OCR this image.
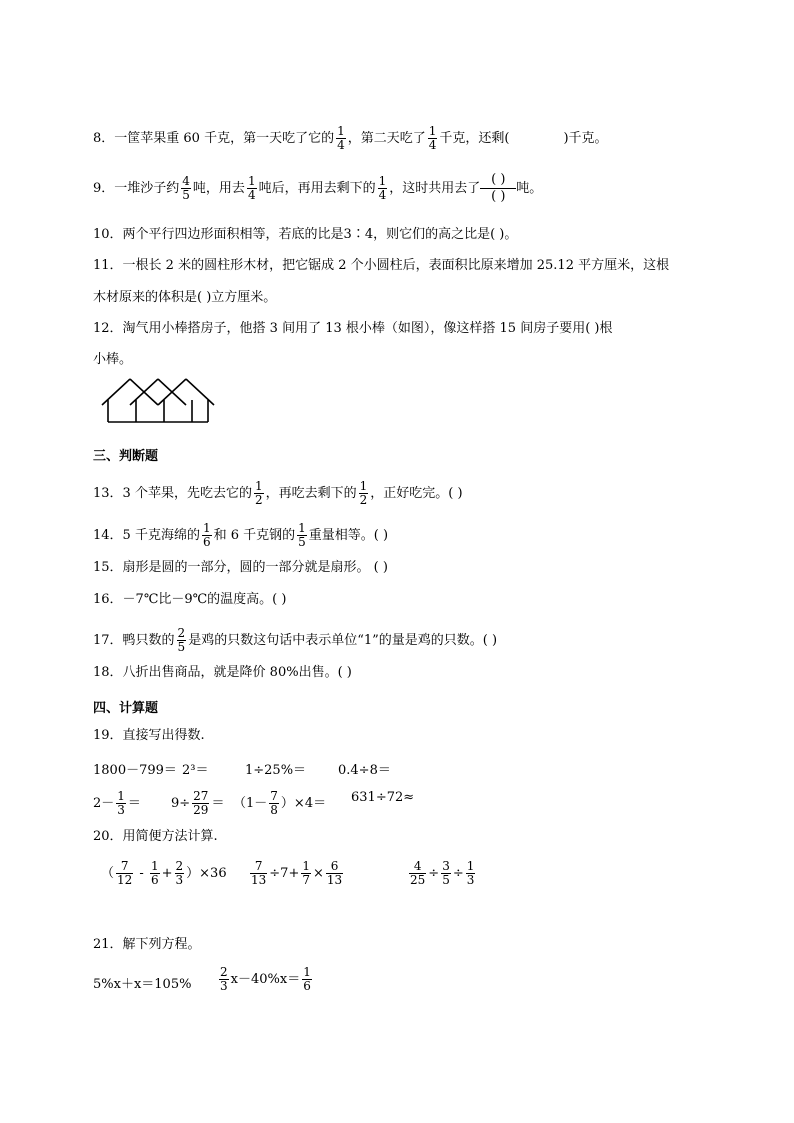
8．一筐苹果重 60 千克，第一天吃了它的 $\frac{1}{4}$ ，第二天吃了 $\frac{1}{4}$ 千克，还剩(	)千克。
9．一堆沙子约 $\frac{4}{5}$ 吨，用去 $\frac{1}{4}$ 吨后，再用去剩下的 $\frac{1}{4}$ ，这时共用去了
( )
( )
吨。
10．两个平行四边形面积相等，若底的比是3∶4，则它们的高之比是( )。
11．一根长 2 米的圆柱形木材，把它锯成 2 个小圆柱后，表面积比原来增加 25.12 平方厘米，这根
木材原来的体积是( )立方厘米。
12．淘气用小棒搭房子，他搭 3 间用了 13 根小棒（如图），像这样搭 15 间房子要用( )根
小棒。
三、判断题
13．3 个苹果，先吃去它的 $\frac{1}{2}$ ，再吃去剩下的 $\frac{1}{2}$ ，正好吃完。( )
14．5 千克海绵的 $\frac{1}{6}$ 和 6 千克钢的 $\frac{1}{5}$ 重量相等。( )
15．扇形是圆的一部分，圆的一部分就是扇形。 ( )
16．－7℃比－9℃的温度高。( )
17．鸭只数的 $\frac{2}{5}$ 是鸡的只数这句话中表示单位“1”的量是鸡的只数。( )
18．八折出售商品，就是降价 80%出售。( )
四、计算题
19．直接写出得数.
1800－799＝ 2³＝	1÷25%＝ 0.4÷8＝
$2- \frac{1}{3} = 9\div \frac{27}{29} = (1- \frac{7}{8} )\times 4= 631\div 72\approx$
20．用简便方法计算.
（ $\frac{7}{12} - \frac{1}{6} + \frac{2}{3} )\times 36 \frac{7}{13} \div 7+ \frac{1}{7} \times \frac{6}{13}$	$\frac{4}{25} \div \frac{3}{5} \div \frac{1}{3}$
21．解下列方程。
$5\%x+x=105\% \frac{2}{3} x-40\%x= \frac{1}{6}$
